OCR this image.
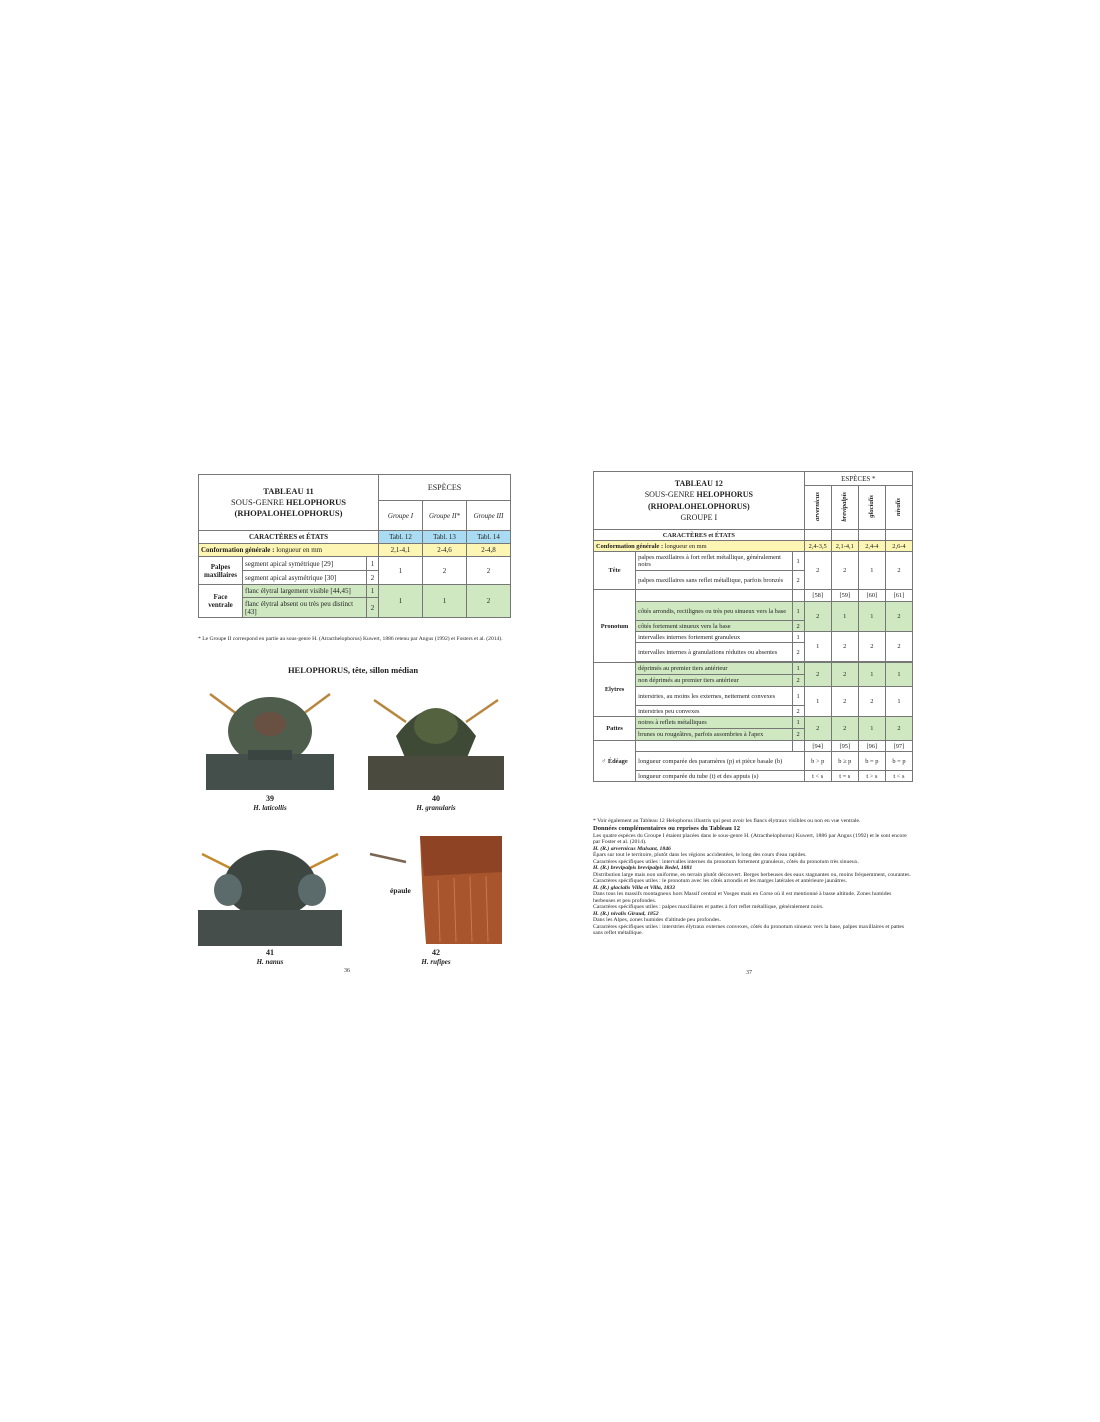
TABLEAU 11
SOUS-GENRE HELOPHORUS
(RHOPALOHELOPHORUS)			ESPÈCES		
			Groupe I	Groupe II*	Groupe III
CARACTÈRES et ÉTATS			Tabl. 12	Tabl. 13	Tabl. 14
Conformation générale : longueur en mm			2,1-4,1	2-4,6	2-4,8
Palpes maxillaires	segment apical symétrique [29]	1	1	2	2
	segment apical asymétrique [30]	2			
Face ventrale	flanc élytral largement visible [44,45]	1	1	1	2
	flanc élytral absent ou très peu distinct [43]	2			
* Le Groupe II correspond en partie au sous-genre H. (Atracthelophorus) Kuwert, 1886 retenu par Angus (1992) et Fosters et al. (2014).
HELOPHORUS, tête, sillon médian
39
H. laticollis
40
H. granularis
41
H. nanus
épaule
42
H. rufipes
36
TABLEAU 12
SOUS-GENRE HELOPHORUS
(RHOPALOHELOPHORUS)
GROUPE I			ESPÈCES *			
			arvernicus	brevipalpis	glacialis	nivalis
CARACTÈRES et ÉTATS						
Conformation générale : longueur en mm			2,4-3,5	2,1-4,1	2,4-4	2,6-4
Tête	palpes maxillaires à fort reflet métallique, généralement noirs	1	2	2	1	2
	palpes maxillaires sans reflet métallique, parfois bronzés	2				
Pronotum			[58]	[59]	[60]	[61]
	côtés arrondis, rectilignes ou très peu sinueux vers la base	1	2	1	1	2
	côtés fortement sinueux vers la base	2				
	intervalles internes fortement granuleux	1	1	2	2	2
	intervalles internes à granulations réduites ou absentes	2				

Elytres	déprimés au premier tiers antérieur	1	2	2	1	1
	non déprimés au premier tiers antérieur	2				
	interstries, au moins les externes, nettement convexes	1	1	2	2	1
	interstries peu convexes	2				
Pattes	noires à reflets métalliques	1	2	2	1	2
	brunes ou rougeâtres, parfois assombries à l'apex	2				
♂ Édéage			[94]	[95]	[96]	[97]
	longueur comparée des paramères (p) et pièce basale (b)		b > p	b ≥ p	b = p	b = p
	longueur comparée du tube (t) et des appuis (s)		t < s	t = s	t > s	t < s
* Voir également au Tableau 12 Helophorus illustris qui peut avoir les flancs élytraux visibles ou non en vue ventrale.
Données complémentaires ou reprises du Tableau 12
Les quatre espèces du Groupe I étaient placées dans le sous-genre H. (Atracthelophorus) Kuwert, 1886 par Angus (1992) et le sont encore par Foster et al. (2014).
H. (R.) arvernicus Mulsant, 1846
Épars sur tout le territoire, plutôt dans les régions accidentées, le long des cours d'eau rapides.
Caractères spécifiques utiles : intervalles internes du pronotum fortement granuleux, côtés du pronotum très sinueux.
H. (R.) brevipalpis brevipalpis Bedel, 1881
Distribution large mais non uniforme, en terrain plutôt découvert. Berges herbeuses des eaux stagnantes ou, moins fréquemment, courantes.
Caractères spécifiques utiles : le pronotum avec les côtés arrondis et les marges latérales et antérieure jaunâtres.
H. (R.) glacialis Villa et Villa, 1833
Dans tous les massifs montagneux hors Massif central et Vosges mais en Corse où il est mentionné à basse altitude. Zones humides herbeuses et peu profondes.
Caractères spécifiques utiles : palpes maxillaires et pattes à fort reflet métallique, généralement noirs.
H. (R.) nivalis Giraud, 1852
Dans les Alpes, zones humides d'altitude peu profondes.
Caractères spécifiques utiles : interstries élytraux externes convexes, côtés du pronotum sinueux vers la base, palpes maxillaires et pattes sans reflet métallique.
37
